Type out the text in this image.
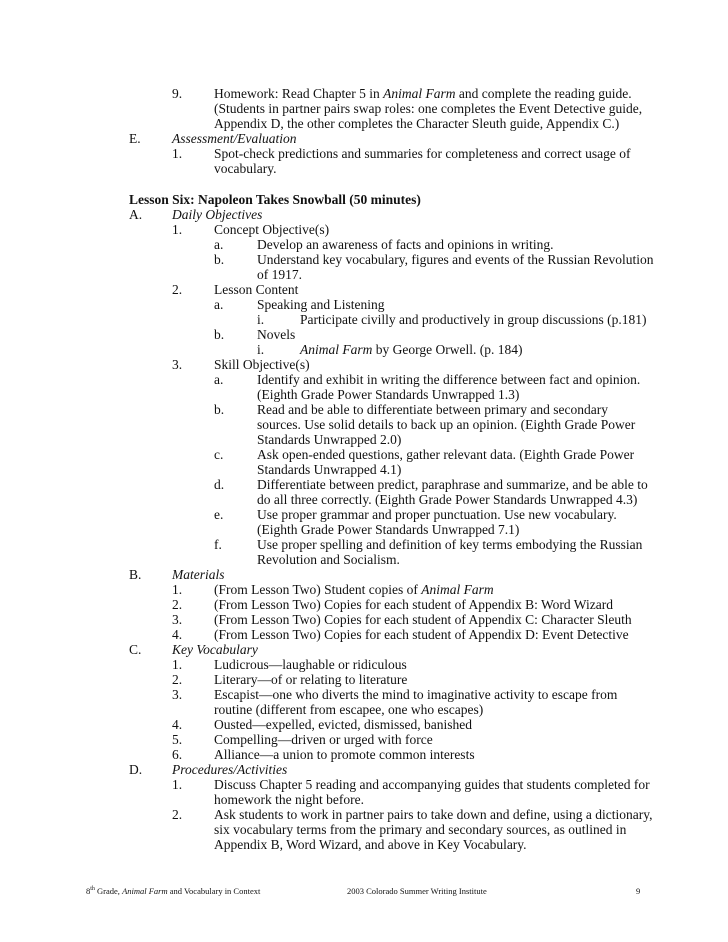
9. Homework: Read Chapter 5 in Animal Farm and complete the reading guide.
(Students in partner pairs swap roles: one completes the Event Detective guide,
Appendix D, the other completes the Character Sleuth guide, Appendix C.)
E. Assessment/Evaluation
1. Spot-check predictions and summaries for completeness and correct usage of
vocabulary.
Lesson Six: Napoleon Takes Snowball (50 minutes)
A. Daily Objectives
1. Concept Objective(s)
a. Develop an awareness of facts and opinions in writing.
b. Understand key vocabulary, figures and events of the Russian Revolution
of 1917.
2. Lesson Content
a. Speaking and Listening
i.	Participate civilly and productively in group discussions (p.181)
b. Novels
i.	Animal Farm by George Orwell. (p. 184)
3. Skill Objective(s)
a. Identify and exhibit in writing the difference between fact and opinion.
(Eighth Grade Power Standards Unwrapped 1.3)
b. Read and be able to differentiate between primary and secondary
sources. Use solid details to back up an opinion. (Eighth Grade Power
Standards Unwrapped 2.0)
c. Ask open-ended questions, gather relevant data. (Eighth Grade Power
Standards Unwrapped 4.1)
d. Differentiate between predict, paraphrase and summarize, and be able to
do all three correctly. (Eighth Grade Power Standards Unwrapped 4.3)
e. Use proper grammar and proper punctuation. Use new vocabulary.
(Eighth Grade Power Standards Unwrapped 7.1)
f.	Use proper spelling and definition of key terms embodying the Russian
Revolution and Socialism.
B. Materials
1. (From Lesson Two) Student copies of Animal Farm
2. (From Lesson Two) Copies for each student of Appendix B: Word Wizard
3. (From Lesson Two) Copies for each student of Appendix C: Character Sleuth
4. (From Lesson Two) Copies for each student of Appendix D: Event Detective
C. Key Vocabulary
1. Ludicrous—laughable or ridiculous
2. Literary—of or relating to literature
3. Escapist—one who diverts the mind to imaginative activity to escape from
routine (different from escapee, one who escapes)
4. Ousted—expelled, evicted, dismissed, banished
5. Compelling—driven or urged with force
6. Alliance—a union to promote common interests
D. Procedures/Activities
1. Discuss Chapter 5 reading and accompanying guides that students completed for
homework the night before.
2. Ask students to work in partner pairs to take down and define, using a dictionary,
six vocabulary terms from the primary and secondary sources, as outlined in
Appendix B, Word Wizard, and above in Key Vocabulary.
8th Grade, Animal Farm and Vocabulary in Context	2003 Colorado Summer Writing Institute	9
